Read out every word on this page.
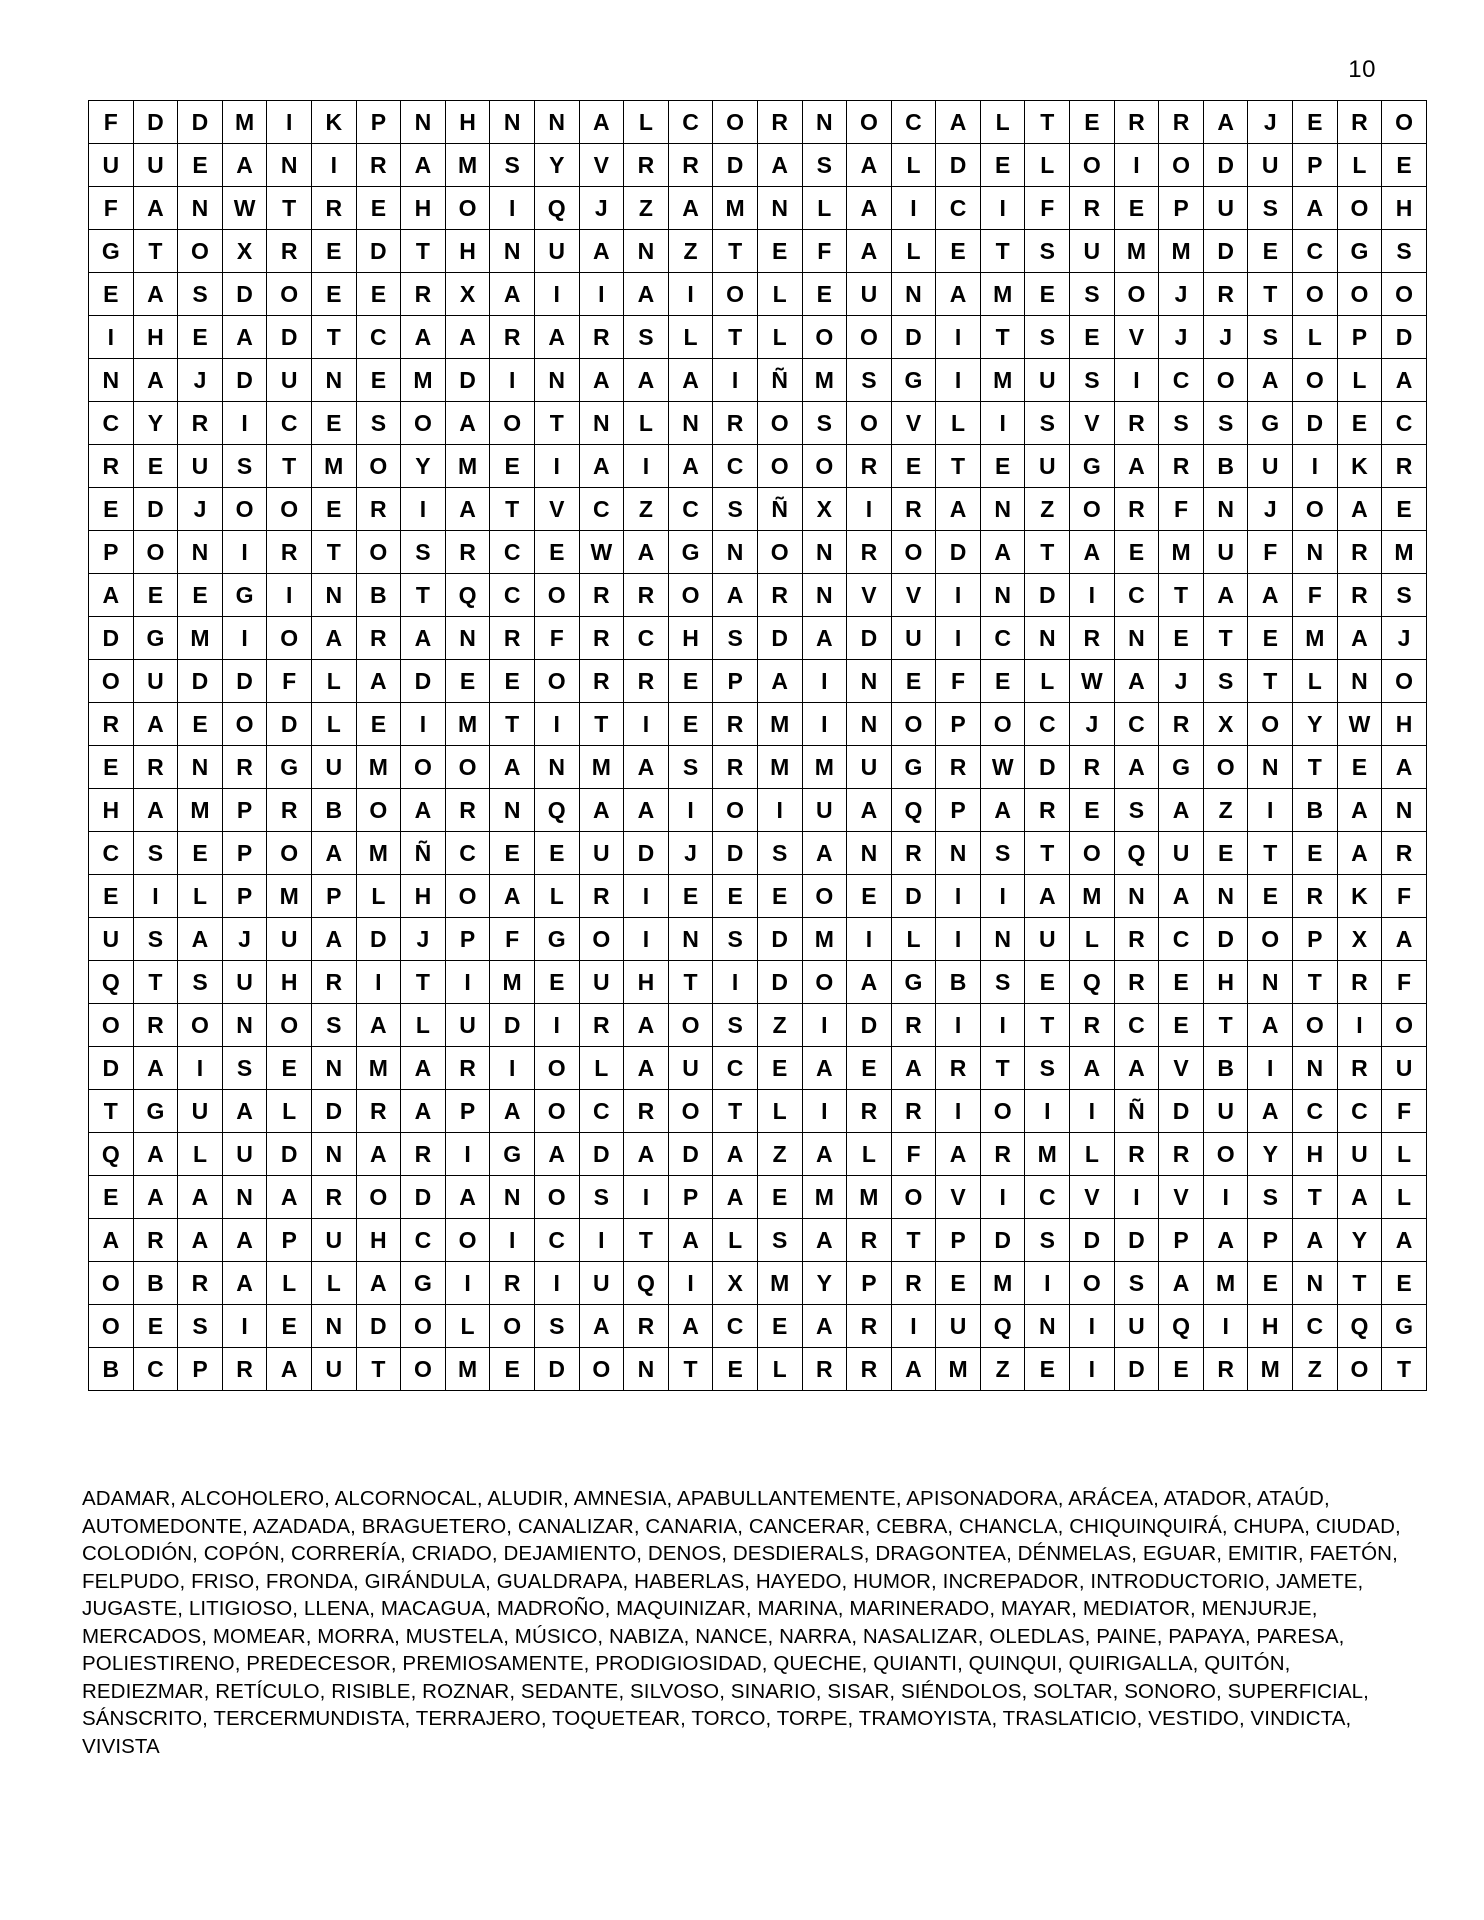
10
F	D	D	M	I	K	P	N	H	N	N	A	L	C	O	R	N	O	C	A	L	T	E	R	R	A	J	E	R	O
U	U	E	A	N	I	R	A	M	S	Y	V	R	R	D	A	S	A	L	D	E	L	O	I	O	D	U	P	L	E
F	A	N	W	T	R	E	H	O	I	Q	J	Z	A	M	N	L	A	I	C	I	F	R	E	P	U	S	A	O	H
G	T	O	X	R	E	D	T	H	N	U	A	N	Z	T	E	F	A	L	E	T	S	U	M	M	D	E	C	G	S
E	A	S	D	O	E	E	R	X	A	I	I	A	I	O	L	E	U	N	A	M	E	S	O	J	R	T	O	O	O
I	H	E	A	D	T	C	A	A	R	A	R	S	L	T	L	O	O	D	I	T	S	E	V	J	J	S	L	P	D
N	A	J	D	U	N	E	M	D	I	N	A	A	A	I	Ñ	M	S	G	I	M	U	S	I	C	O	A	O	L	A
C	Y	R	I	C	E	S	O	A	O	T	N	L	N	R	O	S	O	V	L	I	S	V	R	S	S	G	D	E	C
R	E	U	S	T	M	O	Y	M	E	I	A	I	A	C	O	O	R	E	T	E	U	G	A	R	B	U	I	K	R
E	D	J	O	O	E	R	I	A	T	V	C	Z	C	S	Ñ	X	I	R	A	N	Z	O	R	F	N	J	O	A	E
P	O	N	I	R	T	O	S	R	C	E	W	A	G	N	O	N	R	O	D	A	T	A	E	M	U	F	N	R	M
A	E	E	G	I	N	B	T	Q	C	O	R	R	O	A	R	N	V	V	I	N	D	I	C	T	A	A	F	R	S
D	G	M	I	O	A	R	A	N	R	F	R	C	H	S	D	A	D	U	I	C	N	R	N	E	T	E	M	A	J
O	U	D	D	F	L	A	D	E	E	O	R	R	E	P	A	I	N	E	F	E	L	W	A	J	S	T	L	N	O
R	A	E	O	D	L	E	I	M	T	I	T	I	E	R	M	I	N	O	P	O	C	J	C	R	X	O	Y	W	H
E	R	N	R	G	U	M	O	O	A	N	M	A	S	R	M	M	U	G	R	W	D	R	A	G	O	N	T	E	A
H	A	M	P	R	B	O	A	R	N	Q	A	A	I	O	I	U	A	Q	P	A	R	E	S	A	Z	I	B	A	N
C	S	E	P	O	A	M	Ñ	C	E	E	U	D	J	D	S	A	N	R	N	S	T	O	Q	U	E	T	E	A	R
E	I	L	P	M	P	L	H	O	A	L	R	I	E	E	E	O	E	D	I	I	A	M	N	A	N	E	R	K	F
U	S	A	J	U	A	D	J	P	F	G	O	I	N	S	D	M	I	L	I	N	U	L	R	C	D	O	P	X	A
Q	T	S	U	H	R	I	T	I	M	E	U	H	T	I	D	O	A	G	B	S	E	Q	R	E	H	N	T	R	F
O	R	O	N	O	S	A	L	U	D	I	R	A	O	S	Z	I	D	R	I	I	T	R	C	E	T	A	O	I	O
D	A	I	S	E	N	M	A	R	I	O	L	A	U	C	E	A	E	A	R	T	S	A	A	V	B	I	N	R	U
T	G	U	A	L	D	R	A	P	A	O	C	R	O	T	L	I	R	R	I	O	I	I	Ñ	D	U	A	C	C	F
Q	A	L	U	D	N	A	R	I	G	A	D	A	D	A	Z	A	L	F	A	R	M	L	R	R	O	Y	H	U	L
E	A	A	N	A	R	O	D	A	N	O	S	I	P	A	E	M	M	O	V	I	C	V	I	V	I	S	T	A	L
A	R	A	A	P	U	H	C	O	I	C	I	T	A	L	S	A	R	T	P	D	S	D	D	P	A	P	A	Y	A
O	B	R	A	L	L	A	G	I	R	I	U	Q	I	X	M	Y	P	R	E	M	I	O	S	A	M	E	N	T	E
O	E	S	I	E	N	D	O	L	O	S	A	R	A	C	E	A	R	I	U	Q	N	I	U	Q	I	H	C	Q	G
B	C	P	R	A	U	T	O	M	E	D	O	N	T	E	L	R	R	A	M	Z	E	I	D	E	R	M	Z	O	T
ADAMAR, ALCOHOLERO, ALCORNOCAL, ALUDIR, AMNESIA, APABULLANTEMENTE, APISONADORA, ARÁCEA, ATADOR, ATAÚD, AUTOMEDONTE, AZADADA, BRAGUETERO, CANALIZAR, CANARIA, CANCERAR, CEBRA, CHANCLA, CHIQUINQUIRÁ, CHUPA, CIUDAD, COLODIÓN, COPÓN, CORRERÍA, CRIADO, DEJAMIENTO, DENOS, DESDIERALS, DRAGONTEA, DÉNMELAS, EGUAR, EMITIR, FAETÓN, FELPUDO, FRISO, FRONDA, GIRÁNDULA, GUALDRAPA, HABERLAS, HAYEDO, HUMOR, INCREPADOR, INTRODUCTORIO, JAMETE, JUGASTE, LITIGIOSO, LLENA, MACAGUA, MADROÑO, MAQUINIZAR, MARINA, MARINERADO, MAYAR, MEDIATOR, MENJURJE, MERCADOS, MOMEAR, MORRA, MUSTELA, MÚSICO, NABIZA, NANCE, NARRA, NASALIZAR, OLEDLAS, PAINE, PAPAYA, PARESA, POLIESTIRENO, PREDECESOR, PREMIOSAMENTE, PRODIGIOSIDAD, QUECHE, QUIANTI, QUINQUI, QUIRIGALLA, QUITÓN, REDIEZMAR, RETÍCULO, RISIBLE, ROZNAR, SEDANTE, SILVOSO, SINARIO, SISAR, SIÉNDOLOS, SOLTAR, SONORO, SUPERFICIAL, SÁNSCRITO, TERCERMUNDISTA, TERRAJERO, TOQUETEAR, TORCO, TORPE, TRAMOYISTA, TRASLATICIO, VESTIDO, VINDICTA, VIVISTA
